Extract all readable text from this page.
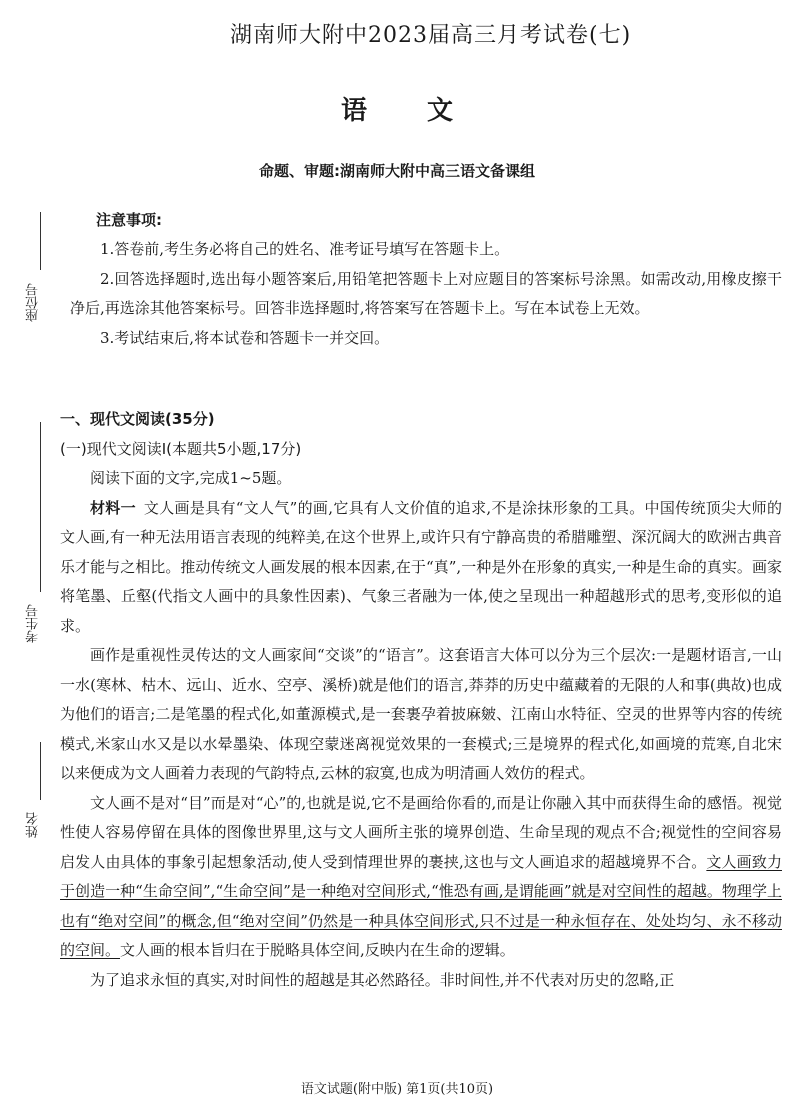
湖南师大附中2023届高三月考试卷(七)
语文
命题、审题:湖南师大附中高三语文备课组
座位号
考生号
姓名
注意事项:

1.答卷前,考生务必将自己的姓名、准考证号填写在答题卡上。

2.回答选择题时,选出每小题答案后,用铅笔把答题卡上对应题目的答案标号涂黑。如需改动,用橡皮擦干净后,再选涂其他答案标号。回答非选择题时,将答案写在答题卡上。写在本试卷上无效。

3.考试结束后,将本试卷和答题卡一并交回。

一、现代文阅读(35分)
(一)现代文阅读Ⅰ(本题共5小题,17分)

阅读下面的文字,完成1~5题。

材料一 文人画是具有“文人气”的画,它具有人文价值的追求,不是涂抹形象的工具。中国传统顶尖大师的文人画,有一种无法用语言表现的纯粹美,在这个世界上,或许只有宁静高贵的希腊雕塑、深沉阔大的欧洲古典音乐才能与之相比。推动传统文人画发展的根本因素,在于“真”,一种是外在形象的真实,一种是生命的真实。画家将笔墨、丘壑(代指文人画中的具象性因素)、气象三者融为一体,使之呈现出一种超越形式的思考,变形似的追求。

画作是重视性灵传达的文人画家间“交谈”的“语言”。这套语言大体可以分为三个层次:一是题材语言,一山一水(寒林、枯木、远山、近水、空亭、溪桥)就是他们的语言,莽莽的历史中蕴藏着的无限的人和事(典故)也成为他们的语言;二是笔墨的程式化,如董源模式,是一套裹孕着披麻皴、江南山水特征、空灵的世界等内容的传统模式,米家山水又是以水晕墨染、体现空蒙迷离视觉效果的一套模式;三是境界的程式化,如画境的荒寒,自北宋以来便成为文人画着力表现的气韵特点,云林的寂寞,也成为明清画人效仿的程式。

文人画不是对“目”而是对“心”的,也就是说,它不是画给你看的,而是让你融入其中而获得生命的感悟。视觉性使人容易停留在具体的图像世界里,这与文人画所主张的境界创造、生命呈现的观点不合;视觉性的空间容易启发人由具体的事象引起想象活动,使人受到情理世界的裹挟,这也与文人画追求的超越境界不合。文人画致力于创造一种“生命空间”,“生命空间”是一种绝对空间形式,“惟恐有画,是谓能画”就是对空间性的超越。物理学上也有“绝对空间”的概念,但“绝对空间”仍然是一种具体空间形式,只不过是一种永恒存在、处处均匀、永不移动的空间。文人画的根本旨归在于脱略具体空间,反映内在生命的逻辑。

为了追求永恒的真实,对时间性的超越是其必然路径。非时间性,并不代表对历史的忽略,正

语文试题(附中版) 第1页(共10页)
